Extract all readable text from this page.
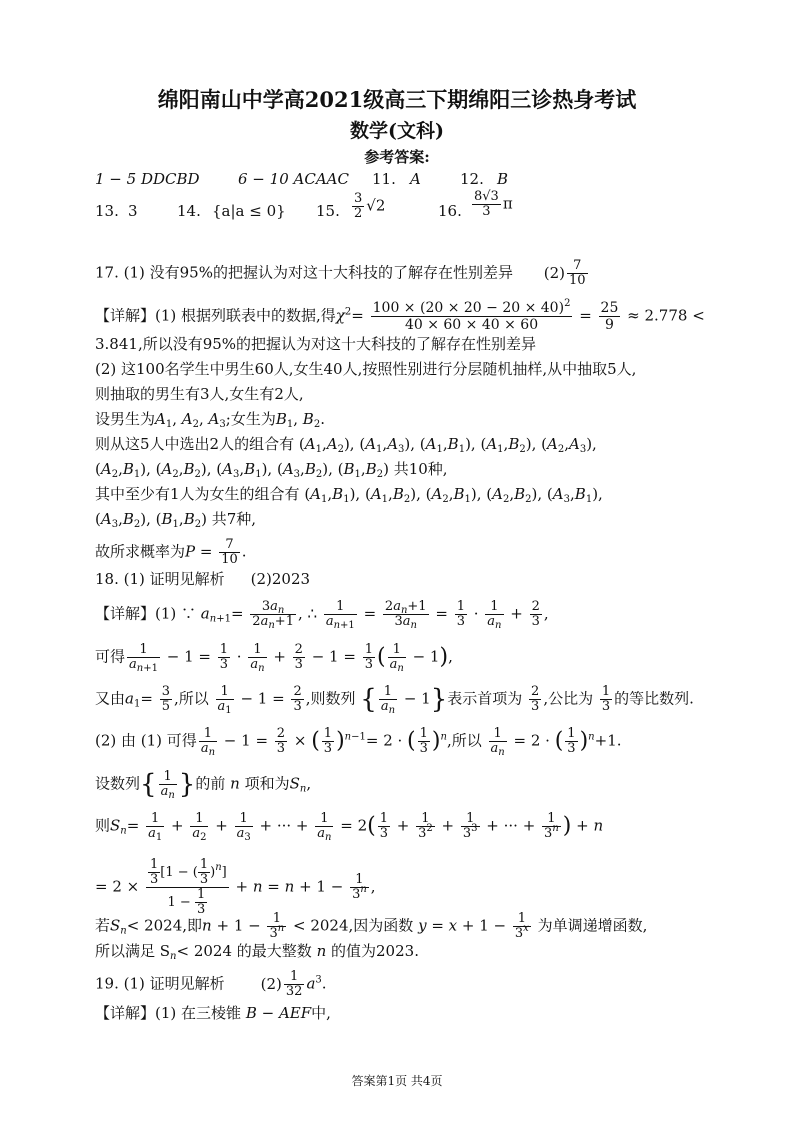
绵阳南山中学高2021级高三下期绵阳三诊热身考试
数学(文科)
参考答案:
1 − 5 DDCBD	6 − 10 ACAAC 11. A	12. B
13. 3	14. {a|a ≤ 0} 15. $\frac{3}{2} √2$	16. $\frac{8√3}{3}$ π
17. (1) 没有95%的把握认为对这十大科技的了解存在性别差异 $(2) \frac{7}{10}$
【详解】(1) 根据列联表中的数据,得$\chi^2= \frac{100 \times (20 \times 20 - 20 \times 40)^2}{40 \times 60 \times 40 \times 60} = \frac{25}{9} \approx 2.778$ <
3.841,所以没有95%的把握认为对这十大科技的了解存在性别差异
(2) 这100名学生中男生60人,女生40人,按照性别进行分层随机抽样,从中抽取5人,
则抽取的男生有3人,女生有2人,
设男生为$A_1$, $A_2$, $A_3$;女生为$B_1$, $B_2$.
则从这5人中选出2人的组合有 $(A_1,A_2)$, $(A_1,A_3)$, $(A_1,B_1)$, $(A_1,B_2)$, $(A_2,A_3)$,
$(A_2,B_1)$, $(A_2,B_2)$, $(A_3,B_1)$, $(A_3,B_2)$, $(B_1,B_2)$ 共10种,
其中至少有1人为女生的组合有 $(A_1,B_1)$, $(A_1,B_2)$, $(A_2,B_1)$, $(A_2,B_2)$, $(A_3,B_1)$,
$(A_3,B_2)$, $(B_1,B_2)$ 共7种,
故所求概率为$P = \frac{7}{10}$ .
18. (1) 证明见解析 (2)2023
【详解】(1) ∵ $a_{n+1}= \frac{3a_n}{2a_n+1}$ , ∴ $\frac{1}{a_{n+1}} = \frac{2a_n+1}{3a_n} = \frac{1}{3} \cdot \frac{1}{a_n} + \frac{2}{3}$ ,
可得 $\frac{1}{a_{n+1}} - 1 = \frac{1}{3} \cdot \frac{1}{a_n} + \frac{2}{3} - 1 = \frac{1}{3}$ ( $\frac{1}{a_n} - 1$),
又由$a_1= \frac{3}{5}$ ,所以 $\frac{1}{a_1} - 1 = \frac{2}{3}$ ,则数列 { $\frac{1}{a_n} - 1$}表示首项为 $\frac{2}{3}$ ,公比为 $\frac{1}{3}$ 的等比数列.
(2) 由 (1) 可得 $\frac{1}{a_n} - 1 = \frac{2}{3}$ × ( $\frac{1}{3} )^{n-1}= 2$ · ( $\frac{1}{3} )^n$,所以 $\frac{1}{a_n} = 2$ · ( $\frac{1}{3} )^n+1$.
设数列{ $\frac{1}{a_n}$ }的前 n 项和为$S_n$,
则$S_n= \frac{1}{a_1} + \frac{1}{a_2} + \frac{1}{a_3}$ + ··· + $\frac{1}{a_n} = 2( \frac{1}{3} + \frac{1}{3^2} + \frac{1}{3^3}$ + ··· + $\frac{1}{3^n}$ ) + n
= $2 \times \frac{\frac{1}{3} [1 - ( \frac{1}{3} )^n]}{1 - \frac{1}{3}} + n = n + 1 - \frac{1}{3^n}$ ,
若$S_n< 2024$,即$n + 1 - \frac{1}{3^n} < 2024$,因为函数 $y = x + 1 - \frac{1}{3^x}$ 为单调递增函数,
所以满足 $S_n< 2024$ 的最大整数 n 的值为2023.
19. (1) 证明见解析 $(2) \frac{1}{32} a^3$.
【详解】(1) 在三棱锥 B − AEF中,
答案第1页 共4页
